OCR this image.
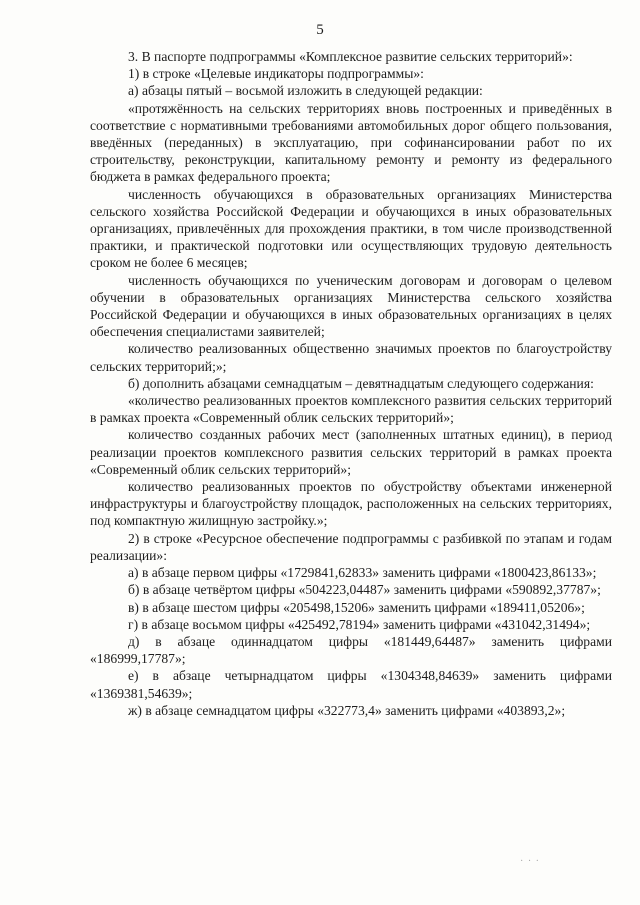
5

3. В паспорте подпрограммы «Комплексное развитие сельских территорий»:

1) в строке «Целевые индикаторы подпрограммы»:

а) абзацы пятый – восьмой изложить в следующей редакции:

«протяжённость на сельских территориях вновь построенных и приведённых в соответствие с нормативными требованиями автомобильных дорог общего пользования, введённых (переданных) в эксплуатацию, при софинансировании работ по их строительству, реконструкции, капитальному ремонту и ремонту из федерального бюджета в рамках федерального проекта;

численность обучающихся в образовательных организациях Министерства сельского хозяйства Российской Федерации и обучающихся в иных образовательных организациях, привлечённых для прохождения практики, в том числе производственной практики, и практической подготовки или осуществляющих трудовую деятельность сроком не более 6 месяцев;

численность обучающихся по ученическим договорам и договорам о целевом обучении в образовательных организациях Министерства сельского хозяйства Российской Федерации и обучающихся в иных образовательных организациях в целях обеспечения специалистами заявителей;

количество реализованных общественно значимых проектов по благоустройству сельских территорий;»;

б) дополнить абзацами семнадцатым – девятнадцатым следующего содержания:

«количество реализованных проектов комплексного развития сельских территорий в рамках проекта «Современный облик сельских территорий»;

количество созданных рабочих мест (заполненных штатных единиц), в период реализации проектов комплексного развития сельских территорий в рамках проекта «Современный облик сельских территорий»;

количество реализованных проектов по обустройству объектами инженерной инфраструктуры и благоустройству площадок, расположенных на сельских территориях, под компактную жилищную застройку.»;

2) в строке «Ресурсное обеспечение подпрограммы с разбивкой по этапам и годам реализации»:

а) в абзаце первом цифры «1729841,62833» заменить цифрами «1800423,86133»;

б) в абзаце четвёртом цифры «504223,04487» заменить цифрами «590892,37787»;

в) в абзаце шестом цифры «205498,15206» заменить цифрами «189411,05206»;

г) в абзаце восьмом цифры «425492,78194» заменить цифрами «431042,31494»;

д) в абзаце одиннадцатом цифры «181449,64487» заменить цифрами «186999,17787»;

е) в абзаце четырнадцатом цифры «1304348,84639» заменить цифрами «1369381,54639»;

ж) в абзаце семнадцатом цифры «322773,4» заменить цифрами «403893,2»;

· · ·
